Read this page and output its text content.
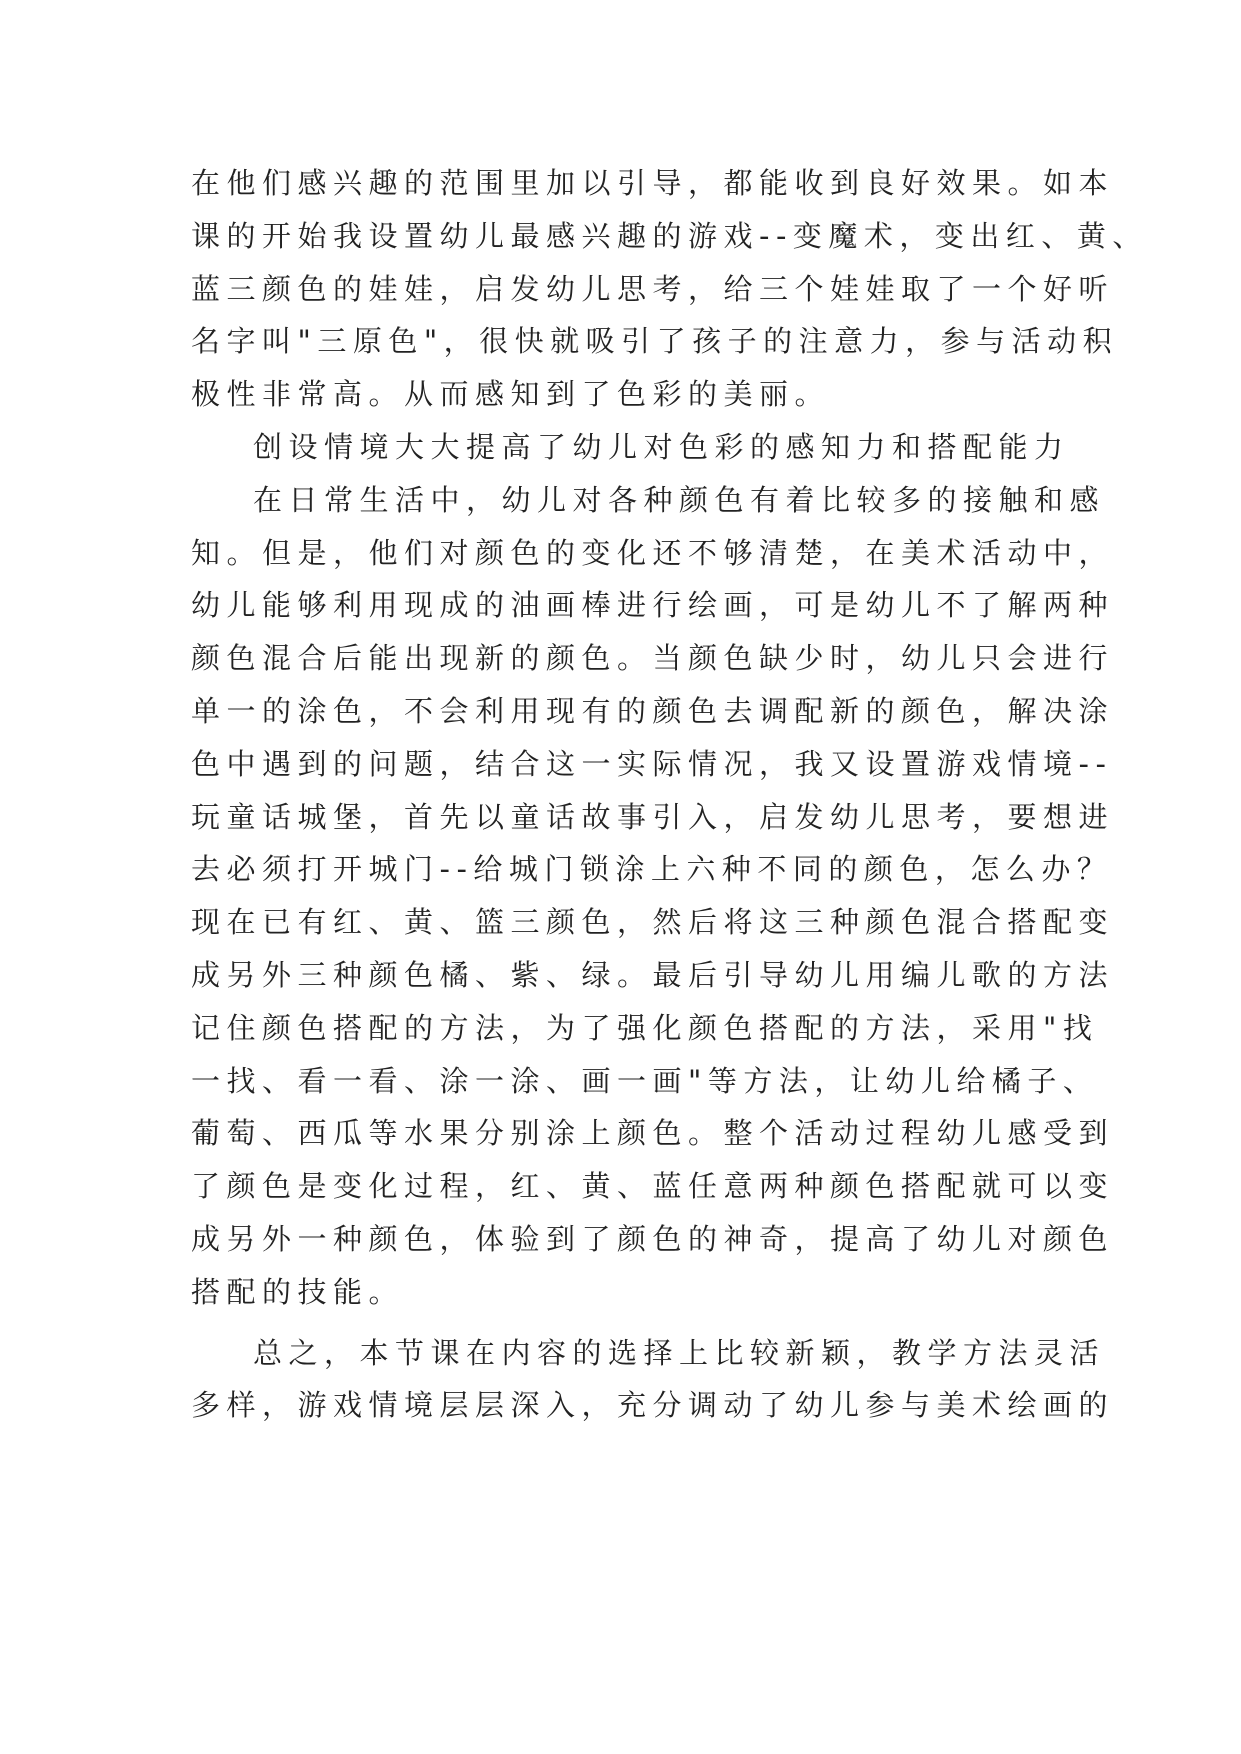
在他们感兴趣的范围里加以引导，都能收到良好效果。如本
课的开始我设置幼儿最感兴趣的游戏--变魔术，变出红、黄、
蓝三颜色的娃娃，启发幼儿思考，给三个娃娃取了一个好听
名字叫"三原色"，很快就吸引了孩子的注意力，参与活动积
极性非常高。从而感知到了色彩的美丽。
创设情境大大提高了幼儿对色彩的感知力和搭配能力
在日常生活中，幼儿对各种颜色有着比较多的接触和感
知。但是，他们对颜色的变化还不够清楚，在美术活动中，
幼儿能够利用现成的油画棒进行绘画，可是幼儿不了解两种
颜色混合后能出现新的颜色。当颜色缺少时，幼儿只会进行
单一的涂色，不会利用现有的颜色去调配新的颜色，解决涂
色中遇到的问题，结合这一实际情况，我又设置游戏情境--
玩童话城堡，首先以童话故事引入，启发幼儿思考，要想进
去必须打开城门--给城门锁涂上六种不同的颜色，怎么办？
现在已有红、黄、篮三颜色，然后将这三种颜色混合搭配变
成另外三种颜色橘、紫、绿。最后引导幼儿用编儿歌的方法
记住颜色搭配的方法，为了强化颜色搭配的方法，采用"找
一找、看一看、涂一涂、画一画"等方法，让幼儿给橘子、
葡萄、西瓜等水果分别涂上颜色。整个活动过程幼儿感受到
了颜色是变化过程，红、黄、蓝任意两种颜色搭配就可以变
成另外一种颜色，体验到了颜色的神奇，提高了幼儿对颜色
搭配的技能。
总之，本节课在内容的选择上比较新颖，教学方法灵活
多样，游戏情境层层深入，充分调动了幼儿参与美术绘画的
